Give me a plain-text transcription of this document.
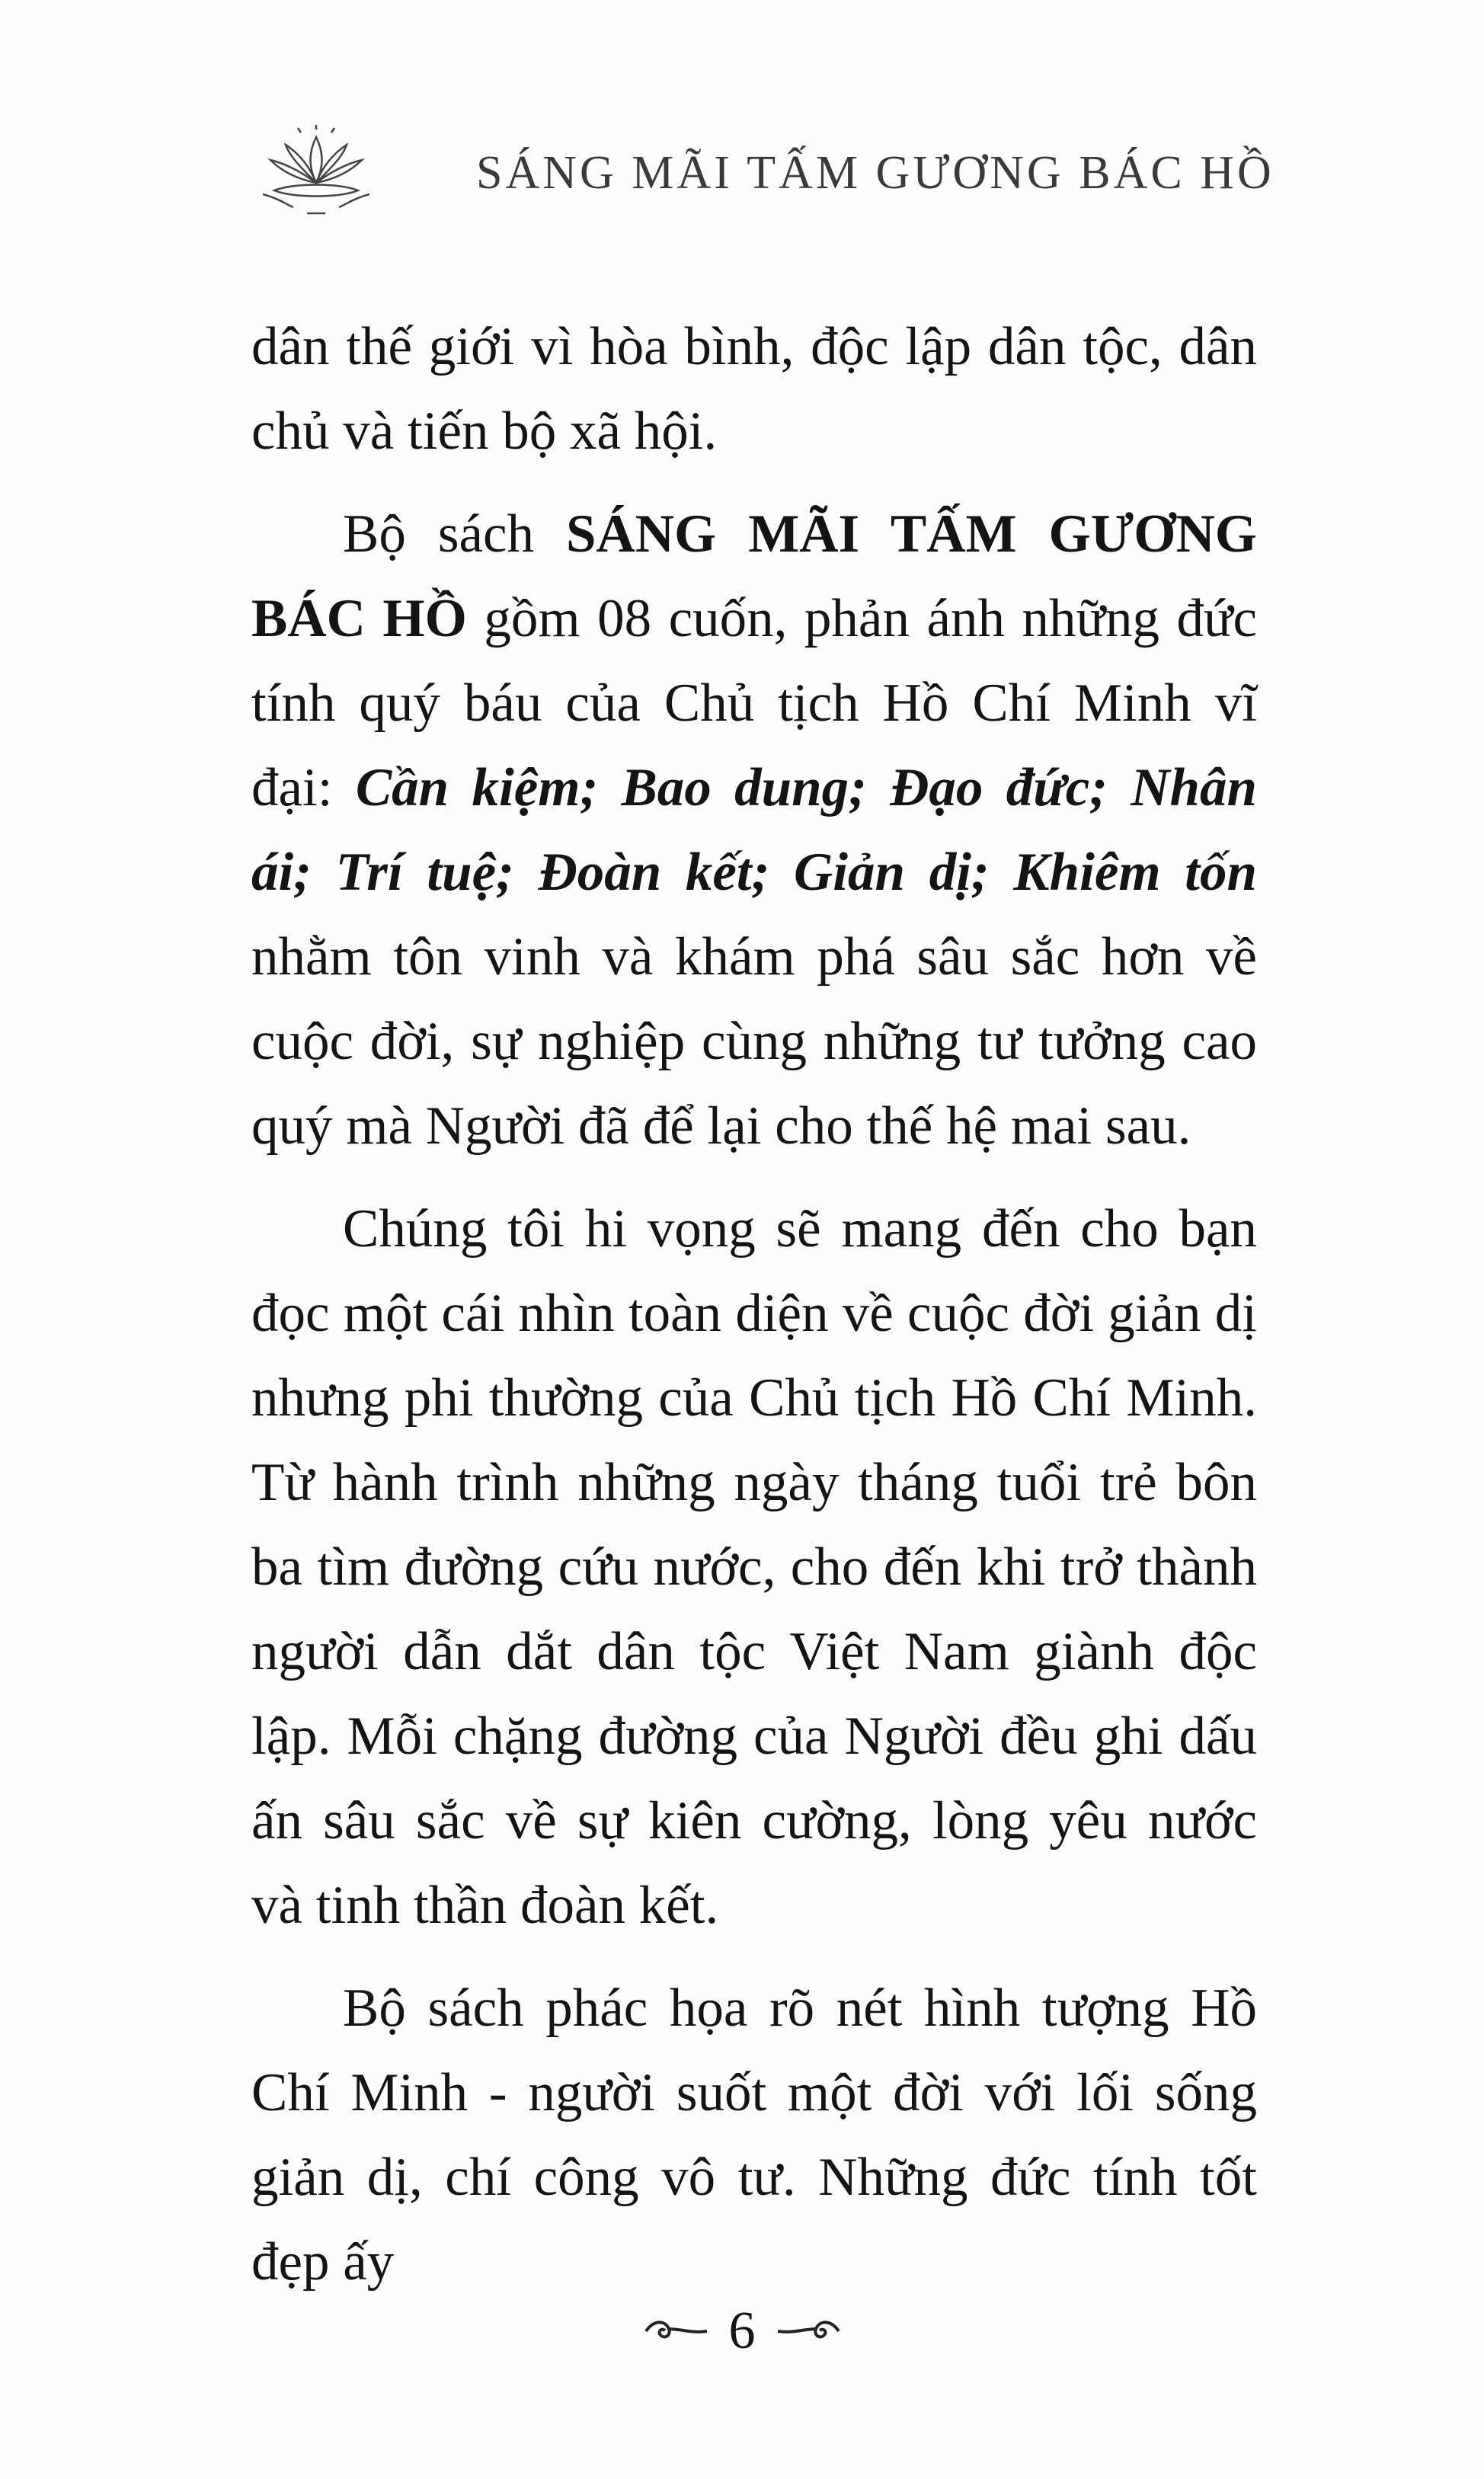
SÁNG MÃI TẤM GƯƠNG BÁC HỒ

dân thế giới vì hòa bình, độc lập dân tộc, dân chủ và tiến bộ xã hội.

Bộ sách SÁNG MÃI TẤM GƯƠNG BÁC HỒ gồm 08 cuốn, phản ánh những đức tính quý báu của Chủ tịch Hồ Chí Minh vĩ đại: Cần kiệm; Bao dung; Đạo đức; Nhân ái; Trí tuệ; Đoàn kết; Giản dị; Khiêm tốn nhằm tôn vinh và khám phá sâu sắc hơn về cuộc đời, sự nghiệp cùng những tư tưởng cao quý mà Người đã để lại cho thế hệ mai sau.

Chúng tôi hi vọng sẽ mang đến cho bạn đọc một cái nhìn toàn diện về cuộc đời giản dị nhưng phi thường của Chủ tịch Hồ Chí Minh. Từ hành trình những ngày tháng tuổi trẻ bôn ba tìm đường cứu nước, cho đến khi trở thành người dẫn dắt dân tộc Việt Nam giành độc lập. Mỗi chặng đường của Người đều ghi dấu ấn sâu sắc về sự kiên cường, lòng yêu nước và tinh thần đoàn kết.

Bộ sách phác họa rõ nét hình tượng Hồ Chí Minh - người suốt một đời với lối sống giản dị, chí công vô tư. Những đức tính tốt đẹp ấy

6
